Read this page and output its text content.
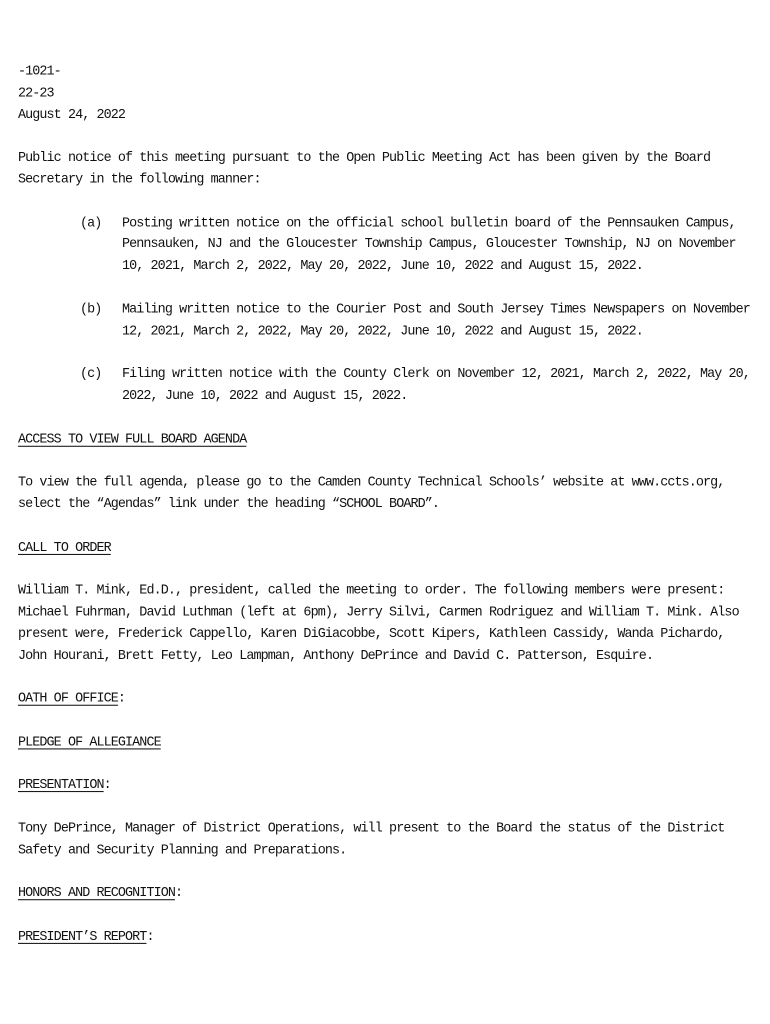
-1021-
22-23
August 24, 2022

Public notice of this meeting pursuant to the Open Public Meeting Act has been given by the Board Secretary in the following manner:

(a)	Posting written notice on the official school bulletin board of the Pennsauken Campus, Pennsauken, NJ and the Gloucester Township Campus, Gloucester Township, NJ on November 10, 2021, March 2, 2022, May 20, 2022, June 10, 2022 and August 15, 2022.
(b)	Mailing written notice to the Courier Post and South Jersey Times Newspapers on November 12, 2021, March 2, 2022, May 20, 2022, June 10, 2022 and August 15, 2022.
(c)	Filing written notice with the County Clerk on November 12, 2021, March 2, 2022, May 20, 2022, June 10, 2022 and August 15, 2022.

ACCESS TO VIEW FULL BOARD AGENDA

To view the full agenda, please go to the Camden County Technical Schools’ website at www.ccts.org, select the “Agendas” link under the heading “SCHOOL BOARD”.

CALL TO ORDER

William T. Mink, Ed.D., president, called the meeting to order. The following members were present: Michael Fuhrman, David Luthman (left at 6pm), Jerry Silvi, Carmen Rodriguez and William T. Mink. Also present were, Frederick Cappello, Karen DiGiacobbe, Scott Kipers, Kathleen Cassidy, Wanda Pichardo, John Hourani, Brett Fetty, Leo Lampman, Anthony DePrince and David C. Patterson, Esquire.

OATH OF OFFICE:

PLEDGE OF ALLEGIANCE

PRESENTATION:

Tony DePrince, Manager of District Operations, will present to the Board the status of the District Safety and Security Planning and Preparations.

HONORS AND RECOGNITION:

PRESIDENT’S REPORT:
